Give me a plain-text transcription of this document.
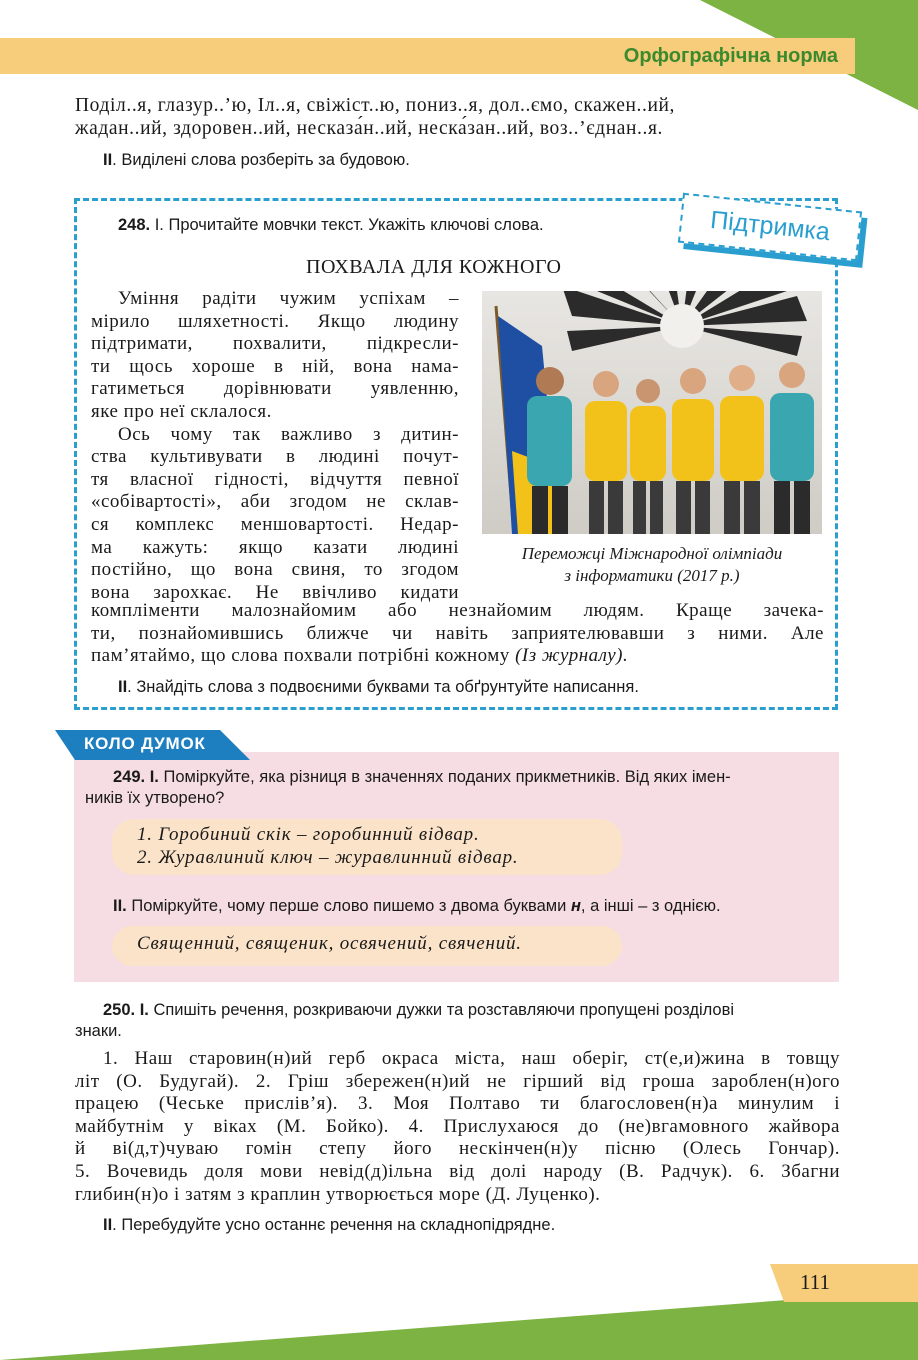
Орфографічна норма
Поділ..я, глазур..’ю, Іл..я, свіжіст..ю, пониз..я, дол..ємо, скажен..ий,
жадан..ий, здоровен..ий, несказа́н..ий, неска́зан..ий, воз..’єднан..я.
II. Виділені слова розберіть за будовою.
Підтримка
248. І. Прочитайте мовчки текст. Укажіть ключові слова.
ПОХВАЛА ДЛЯ КОЖНОГО
Уміння радіти чужим успіхам –
мірило шляхетності. Якщо людину
підтримати, похвалити, підкресли-
ти щось хороше в ній, вона нама-
гатиметься дорівнювати уявленню,
яке про неї склалося.
Ось чому так важливо з дитин-
ства культивувати в людині почут-
тя власної гідності, відчуття певної
«собівартості», аби згодом не склав-
ся комплекс меншовартості. Недар-
ма кажуть: якщо казати людині
постійно, що вона свиня, то згодом
вона зарохкає. Не ввічливо кидати
компліменти малознайомим або незнайомим людям. Краще зачека-
ти, познайомившись ближче чи навіть заприятелювавши з ними. Але
пам’ятаймо, що слова похвали потрібні кожному (Із журналу).
Переможці Міжнародної олімпіади
з інформатики (2017 р.)
II. Знайдіть слова з подвоєними буквами та обґрунтуйте написання.
КОЛО ДУМОК
249. І. Поміркуйте, яка різниця в значеннях поданих прикметників. Від яких імен-
ників їх утворено?
1. Горобиний скік – горобинний відвар.
2. Журавлиний ключ – журавлинний відвар.
II. Поміркуйте, чому перше слово пишемо з двома буквами н, а інші – з однією.
Священний, священик, освячений, свячений.
250. І. Спишіть речення, розкриваючи дужки та розставляючи пропущені розділові
знаки.
1. Наш старовин(н)ий герб окраса міста, наш оберіг, ст(е,и)жина в товщу
літ (О. Будугай). 2. Гріш збережен(н)ий не гірший від гроша зароблен(н)ого
працею (Чеське прислів’я). 3. Моя Полтаво ти благословен(н)а минулим і
майбутнім у віках (М. Бойко). 4. Прислухаюся до (не)вгамовного жайвора
й ві(д,т)чуваю гомін степу його нескінчен(н)у пісню (Олесь Гончар).
5. Вочевидь доля мови невід(д)ільна від долі народу (В. Радчук). 6. Збагни
глибин(н)о і затям з краплин утворюється море (Д. Луценко).
II. Перебудуйте усно останнє речення на складнопідрядне.
111
